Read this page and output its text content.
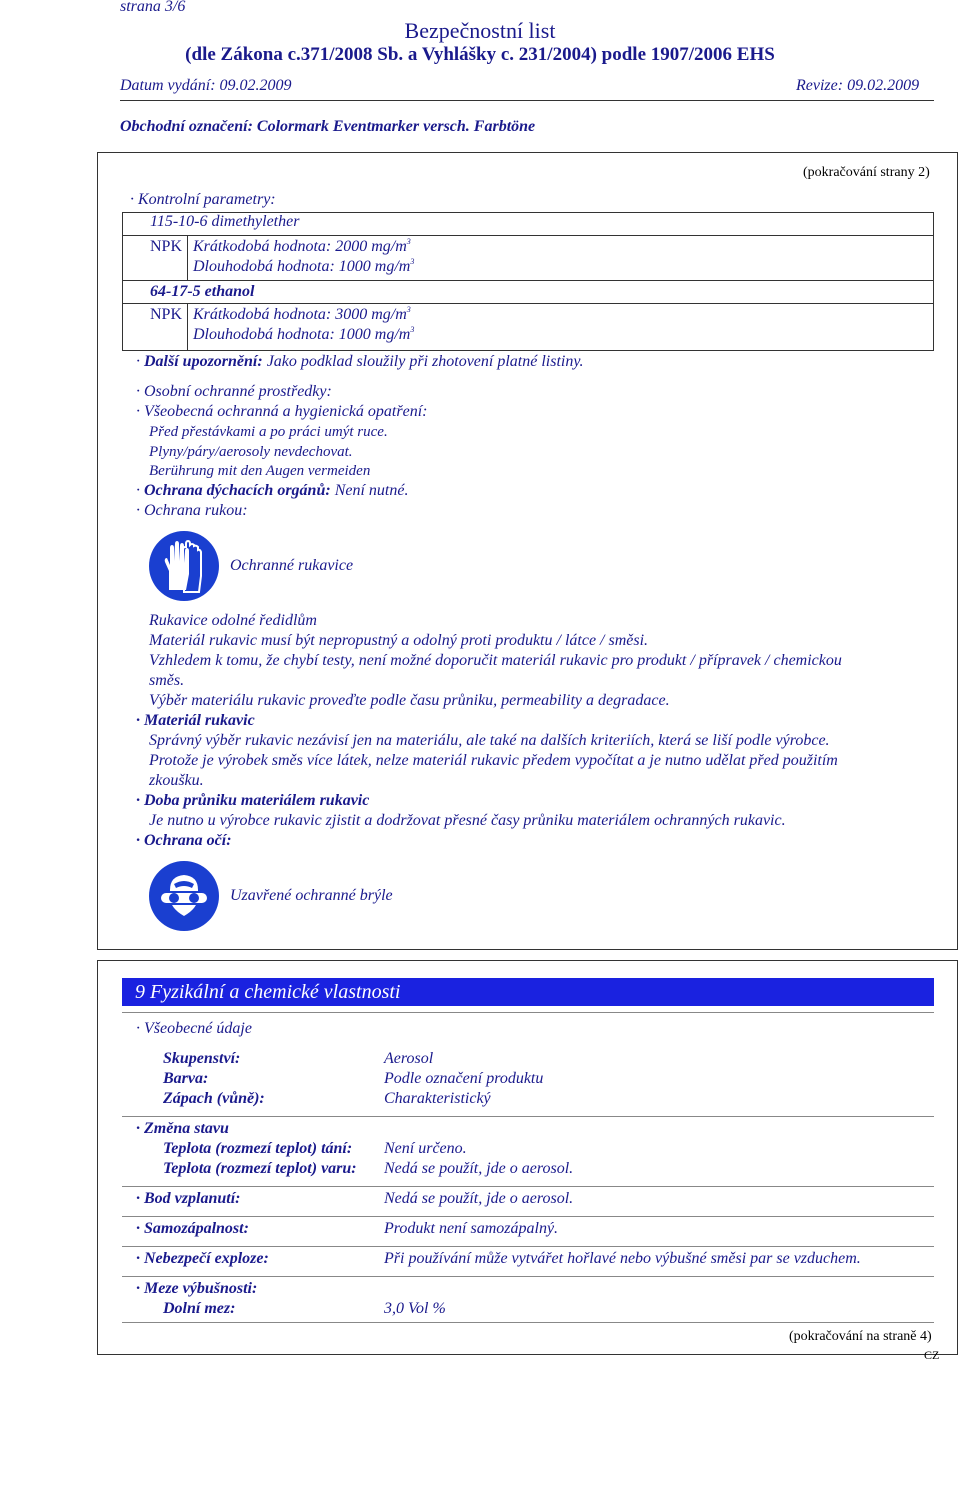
strana 3/6
Bezpečnostní list
(dle Zákona c.371/2008 Sb. a Vyhlášky c. 231/2004) podle 1907/2006 EHS
Datum vydání: 09.02.2009	Revize: 09.02.2009
Obchodní označení: Colormark Eventmarker versch. Farbtöne
(pokračování strany 2)
· Kontrolní parametry:
115-10-6 dimethylether
NPK Krátkodobá hodnota: 2000 $mg/m^3$
Dlouhodobá hodnota: 1000 $mg/m^3$
64-17-5 ethanol
NPK Krátkodobá hodnota: 3000 $mg/m^3$
Dlouhodobá hodnota: 1000 $mg/m^3$
· Další upozornění: Jako podklad sloužily při zhotovení platné listiny.
· Osobní ochranné prostředky:
· Všeobecná ochranná a hygienická opatření:
Před přestávkami a po práci umýt ruce.
Plyny/páry/aerosoly nevdechovat.
Berührung mit den Augen vermeiden
· Ochrana dýchacích orgánů: Není nutné.
· Ochrana rukou:
Ochranné rukavice
Rukavice odolné ředidlům
Materiál rukavic musí být nepropustný a odolný proti produktu / látce / směsi.
Vzhledem k tomu, že chybí testy, není možné doporučit materiál rukavic pro produkt / přípravek / chemickou
směs.
Výběr materiálu rukavic proveďte podle času průniku, permeability a degradace.
· Materiál rukavic
Správný výběr rukavic nezávisí jen na materiálu, ale také na dalších kriteriích, která se liší podle výrobce.
Protože je výrobek směs více látek, nelze materiál rukavic předem vypočítat a je nutno udělat před použitím
zkoušku.
· Doba průniku materiálem rukavic
Je nutno u výrobce rukavic zjistit a dodržovat přesné časy průniku materiálem ochranných rukavic.
· Ochrana očí:
Uzavřené ochranné brýle
9 Fyzikální a chemické vlastnosti
· Všeobecné údaje
Skupenství:	Aerosol
Barva:	Podle označení produktu
Zápach (vůně):	Charakteristický
· Změna stavu
Teplota (rozmezí teplot) tání: Není určeno.
Teplota (rozmezí teplot) varu: Nedá se použít, jde o aerosol.
· Bod vzplanutí:	Nedá se použít, jde o aerosol.
· Samozápalnost:	Produkt není samozápalný.
· Nebezpečí exploze:	Při používání může vytvářet hořlavé nebo výbušné směsi par se vzduchem.
· Meze výbušnosti:
Dolní mez:	3,0 Vol %
(pokračování na straně 4)
CZ
